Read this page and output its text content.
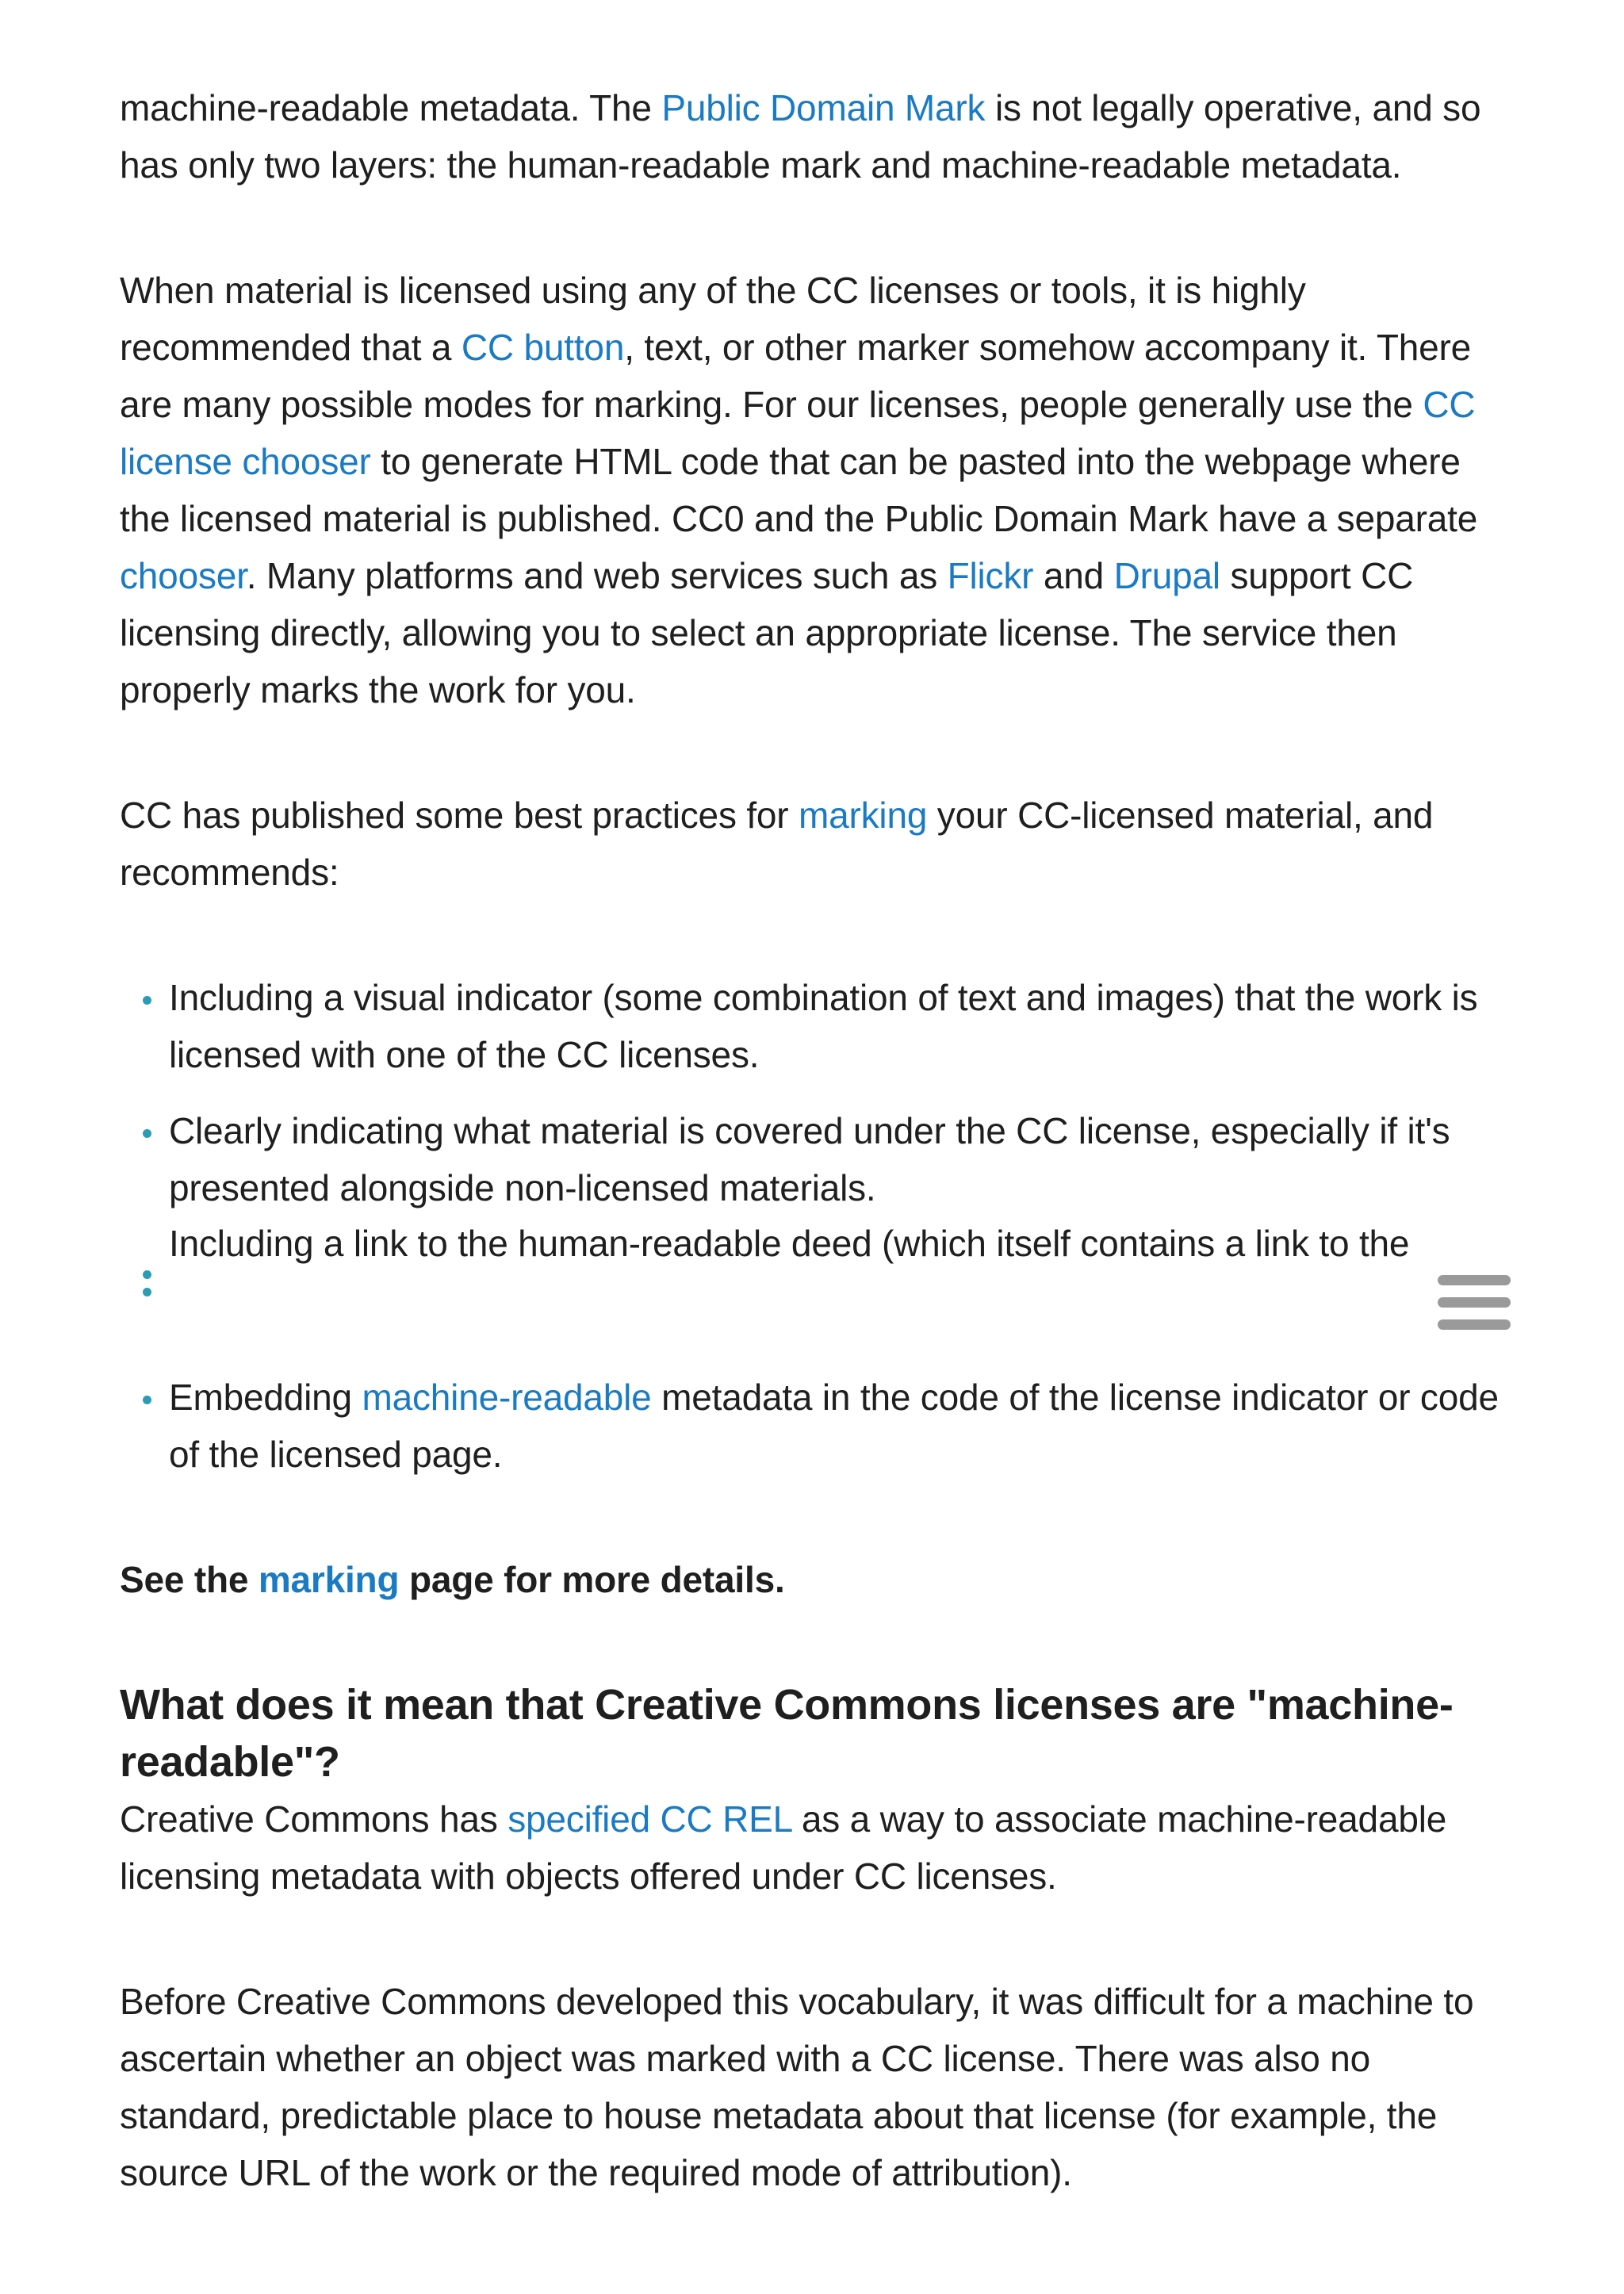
machine-readable metadata. The Public Domain Mark is not legally operative, and so has only two layers: the human-readable mark and machine-readable metadata.

When material is licensed using any of the CC licenses or tools, it is highly recommended that a CC button, text, or other marker somehow accompany it. There are many possible modes for marking. For our licenses, people generally use the CC license chooser to generate HTML code that can be pasted into the webpage where the licensed material is published. CC0 and the Public Domain Mark have a separate chooser. Many platforms and web services such as Flickr and Drupal support CC licensing directly, allowing you to select an appropriate license. The service then properly marks the work for you.

CC has published some best practices for marking your CC-licensed material, and recommends:

Including a visual indicator (some combination of text and images) that the work is licensed with one of the CC licenses.
Clearly indicating what material is covered under the CC license, especially if it's presented alongside non-licensed materials.
Including a link to the human-readable deed (which itself contains a link to the
Embedding machine-readable metadata in the code of the license indicator or code of the licensed page.

See the marking page for more details.

What does it mean that Creative Commons licenses are "machine-readable"?

Creative Commons has specified CC REL as a way to associate machine-readable licensing metadata with objects offered under CC licenses.

Before Creative Commons developed this vocabulary, it was difficult for a machine to ascertain whether an object was marked with a CC license. There was also no standard, predictable place to house metadata about that license (for example, the source URL of the work or the required mode of attribution).
